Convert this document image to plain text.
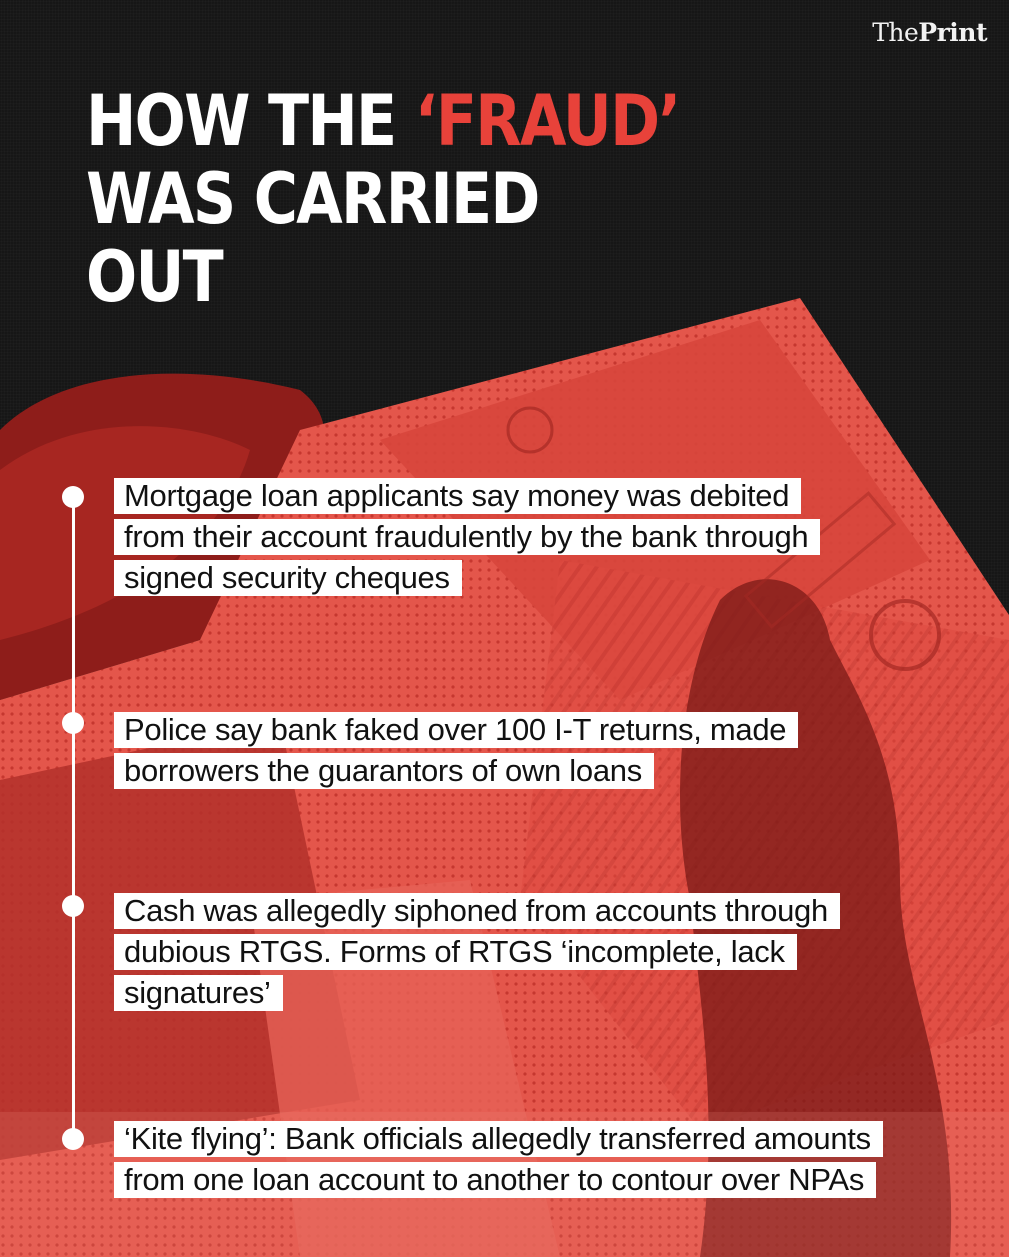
ThePrint
HOW THE ‘FRAUD’
WAS CARRIED
OUT
Mortgage loan applicants say money was debited
from their account fraudulently by the bank through
signed security cheques
Police say bank faked over 100 I-T returns, made
borrowers the guarantors of own loans
Cash was allegedly siphoned from accounts through
dubious RTGS. Forms of RTGS ‘incomplete, lack
signatures’
‘Kite flying’: Bank officials allegedly transferred amounts
from one loan account to another to contour over NPAs
